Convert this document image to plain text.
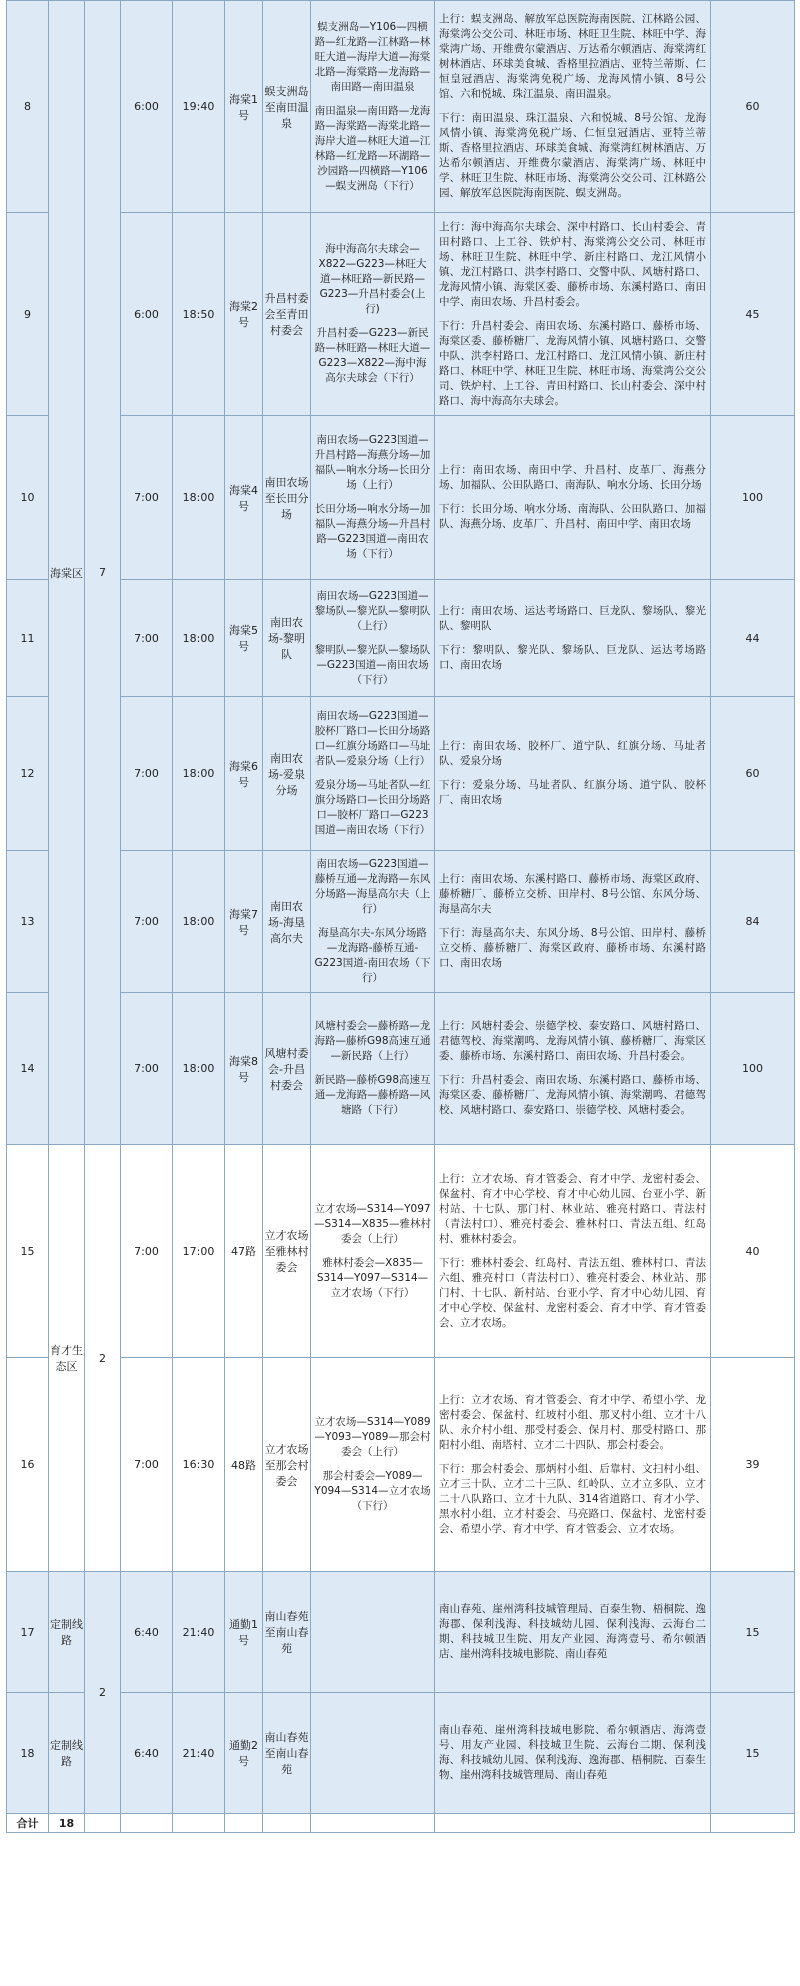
8	海棠区	7	6:00	19:40	海棠1号	蜈支洲岛至南田温泉	蜈支洲岛—Y106—四横路—红龙路—江林路—林旺大道—海岸大道—海棠北路—海棠路—龙海路—南田路—南田温泉
南田温泉—南田路—龙海路—海棠路—海棠北路—海岸大道—林旺大道—江林路—红龙路—环湖路—沙园路—四横路—Y106—蜈支洲岛（下行）	上行：蜈支洲岛、解放军总医院海南医院、江林路公园、海棠湾公交公司、林旺市场、林旺卫生院、林旺中学、海棠湾广场、开维费尔蒙酒店、万达希尔顿酒店、海棠湾红树林酒店、环球美食城、香格里拉酒店、亚特兰蒂斯、仁恒皇冠酒店、海棠湾免税广场、龙海风情小镇、8号公馆、六和悦城、珠江温泉、南田温泉。
下行：南田温泉、珠江温泉、六和悦城、8号公馆、龙海风情小镇、海棠湾免税广场、仁恒皇冠酒店、亚特兰蒂斯、香格里拉酒店、环球美食城、海棠湾红树林酒店、万达希尔顿酒店、开维费尔蒙酒店、海棠湾广场、林旺中学、林旺卫生院、林旺市场、海棠湾公交公司、江林路公园、解放军总医院海南医院、蜈支洲岛。	60
9			6:00	18:50	海棠2号	升昌村委会至青田村委会	海中海高尔夫球会—X822—G223—林旺大道—林旺路—新民路—G223—升昌村委会(上行)
升昌村委—G223—新民路—林旺路—林旺大道—G223—X822—海中海高尔夫球会（下行）	上行：海中海高尔夫球会、深中村路口、长山村委会、青田村路口、上工谷、铁炉村、海棠湾公交公司、林旺市场、林旺卫生院、林旺中学、新庄村路口、龙江风情小镇、龙江村路口、洪李村路口、交警中队、风塘村路口、龙海风情小镇、海棠区委、藤桥市场、东溪村路口、南田中学、南田农场、升昌村委会。
下行：升昌村委会、南田农场、东溪村路口、藤桥市场、海棠区委、藤桥糖厂、龙海风情小镇、风塘村路口、交警中队、洪李村路口、龙江村路口、龙江风情小镇、新庄村路口、林旺中学、林旺卫生院、林旺市场、海棠湾公交公司、铁炉村、上工谷、青田村路口、长山村委会、深中村路口、海中海高尔夫球会。	45
10			7:00	18:00	海棠4号	南田农场至长田分场	南田农场—G223国道—升昌村路—海燕分场—加福队—响水分场—长田分场（上行）
长田分场—响水分场—加福队—海燕分场—升昌村路—G223国道—南田农场（下行）	上行：南田农场、南田中学、升昌村、皮革厂、海燕分场、加福队、公田队路口、南海队、响水分场、长田分场
下行：长田分场、响水分场、南海队、公田队路口、加福队、海燕分场、皮革厂、升昌村、南田中学、南田农场	100
11			7:00	18:00	海棠5号	南田农场-黎明队	南田农场—G223国道—黎场队—黎光队—黎明队（上行）
黎明队—黎光队—黎场队—G223国道—南田农场（下行）	上行：南田农场、运达考场路口、巨龙队、黎场队、黎光队、黎明队
下行：黎明队、黎光队、黎场队、巨龙队、运达考场路口、南田农场	44
12			7:00	18:00	海棠6号	南田农场-爱泉分场	南田农场—G223国道—胶杯厂路口—长田分场路口—红旗分场路口—马址者队—爱泉分场（上行）
爱泉分场—马址者队—红旗分场路口—长田分场路口—胶杯厂路口—G223国道—南田农场（下行）	上行：南田农场、胶杯厂、道宁队、红旗分场、马址者队、爱泉分场
下行：爱泉分场、马址者队、红旗分场、道宁队、胶杯厂、南田农场	60
13			7:00	18:00	海棠7号	南田农场-海垦高尔夫	南田农场—G223国道—藤桥互通—龙海路—东风分场路—海垦高尔夫（上行）
海垦高尔夫-东风分场路—龙海路-藤桥互通-G223国道-南田农场（下行）	上行：南田农场、东溪村路口、藤桥市场、海棠区政府、藤桥糖厂、藤桥立交桥、田岸村、8号公馆、东风分场、海垦高尔夫
下行：海垦高尔夫、东风分场、8号公馆、田岸村、藤桥立交桥、藤桥糖厂、海棠区政府、藤桥市场、东溪村路口、南田农场	84
14			7:00	18:00	海棠8号	风塘村委会-升昌村委会	风塘村委会—藤桥路—龙海路—藤桥G98高速互通—新民路（上行）
新民路—藤桥G98高速互通—龙海路—藤桥路—风塘路（下行）	上行：风塘村委会、崇德学校、泰安路口、风塘村路口、君德驾校、海棠潮鸣、龙海风情小镇、藤桥糖厂、海棠区委、藤桥市场、东溪村路口、南田农场、升昌村委会。
下行：升昌村委会、南田农场、东溪村路口、藤桥市场、海棠区委、藤桥糖厂、龙海风情小镇、海棠潮鸣、君德驾校、风塘村路口、泰安路口、崇德学校、风塘村委会。	100
15	育才生态区	2	7:00	17:00	47路	立才农场至雅林村委会	立才农场—S314—Y097—S314—X835—雅林村委会（上行）
雅林村委会—X835—S314—Y097—S314—立才农场（下行）	上行：立才农场、育才管委会、育才中学、龙密村委会、保盆村、育才中心学校、育才中心幼儿园、台亚小学、新村站、十七队、那门村、林业站、雅亮村路口、青法村（青法村口）、雅亮村委会、雅林村口、青法五组、红岛村、雅林村委会。
下行：雅林村委会、红岛村、青法五组、雅林村口、青法六组、雅亮村口（青法村口）、雅亮村委会、林业站、那门村、十七队、新村站、台亚小学、育才中心幼儿园、育才中心学校、保盆村、龙密村委会、育才中学、育才管委会、立才农场。	40
16			7:00	16:30	48路	立才农场至那会村委会	立才农场—S314—Y089—Y093—Y089—那会村委会（上行）
那会村委会—Y089—Y094—S314—立才农场（下行）	上行：立才农场、育才管委会、育才中学、希望小学、龙密村委会、保盆村、红坡村小组、那叉村小组、立才十八队、永介村小组、那受村委会、保月村、那受村路口、那阳村小组、南塔村、立才二十四队、那会村委会。
下行：那会村委会、那炳村小组、后靠村、文扫村小组、立才三十队、立才二十三队、红岭队、立才立多队、立才二十八队路口、立才十九队、314省道路口、育才小学、黑水村小组、立才村委会、马亮路口、保盆村、龙密村委会、希望小学、育才中学、育才管委会、立才农场。	39
17	定制线路	2	6:40	21:40	通勤1号	南山春苑至南山春苑		南山春苑、崖州湾科技城管理局、百泰生物、梧桐院、逸海郡、保利浅海、科技城幼儿园、保利浅海、云海台二期、科技城卫生院、用友产业园、海湾壹号、希尔顿酒店、崖州湾科技城电影院、南山春苑	15
18	定制线路		6:40	21:40	通勤2号	南山春苑至南山春苑		南山春苑、崖州湾科技城电影院、希尔顿酒店、海湾壹号、用友产业园、科技城卫生院、云海台二期、保利浅海、科技城幼儿园、保利浅海、逸海郡、梧桐院、百泰生物、崖州湾科技城管理局、南山春苑	15
合计	18								
